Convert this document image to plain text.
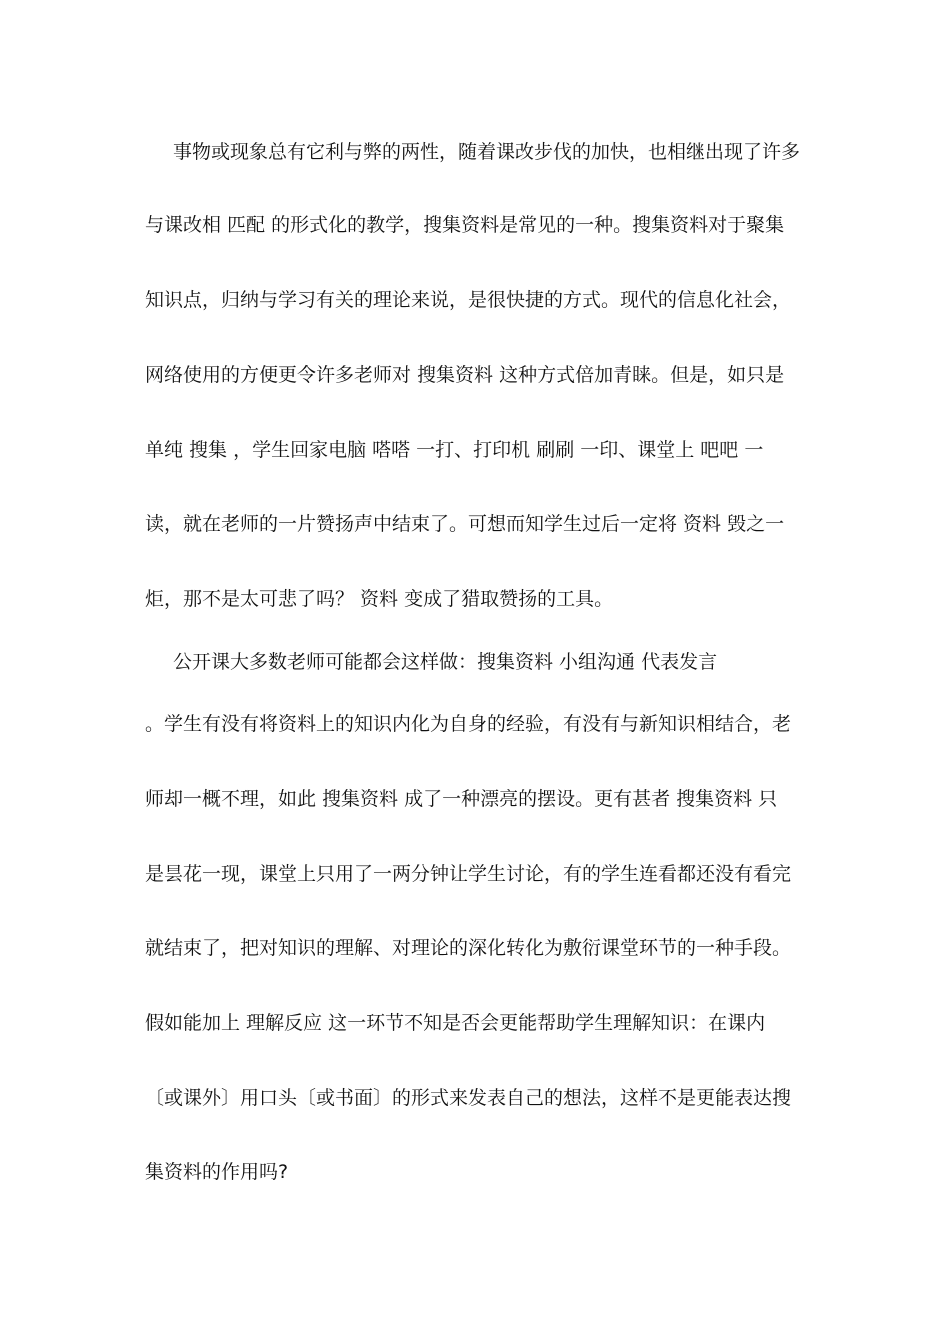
事物或现象总有它利与弊的两性，随着课改步伐的加快，也相继出现了许多
与课改相 匹配 的形式化的教学，搜集资料是常见的一种。搜集资料对于聚集
知识点，归纳与学习有关的理论来说，是很快捷的方式。现代的信息化社会，
网络使用的方便更令许多老师对 搜集资料 这种方式倍加青睐。但是，如只是
单纯 搜集 ，学生回家电脑 嗒嗒 一打、打印机 刷刷 一印、课堂上 吧吧 一
读，就在老师的一片赞扬声中结束了。可想而知学生过后一定将 资料 毁之一
炬，那不是太可悲了吗？ 资料 变成了猎取赞扬的工具。
公开课大多数老师可能都会这样做：搜集资料 小组沟通 代表发言
。学生有没有将资料上的知识内化为自身的经验，有没有与新知识相结合，老
师却一概不理，如此 搜集资料 成了一种漂亮的摆设。更有甚者 搜集资料 只
是昙花一现，课堂上只用了一两分钟让学生讨论，有的学生连看都还没有看完
就结束了，把对知识的理解、对理论的深化转化为敷衍课堂环节的一种手段。
假如能加上 理解反应 这一环节不知是否会更能帮助学生理解知识：在课内
〔或课外〕用口头〔或书面〕的形式来发表自己的想法，这样不是更能表达搜
集资料的作用吗?
